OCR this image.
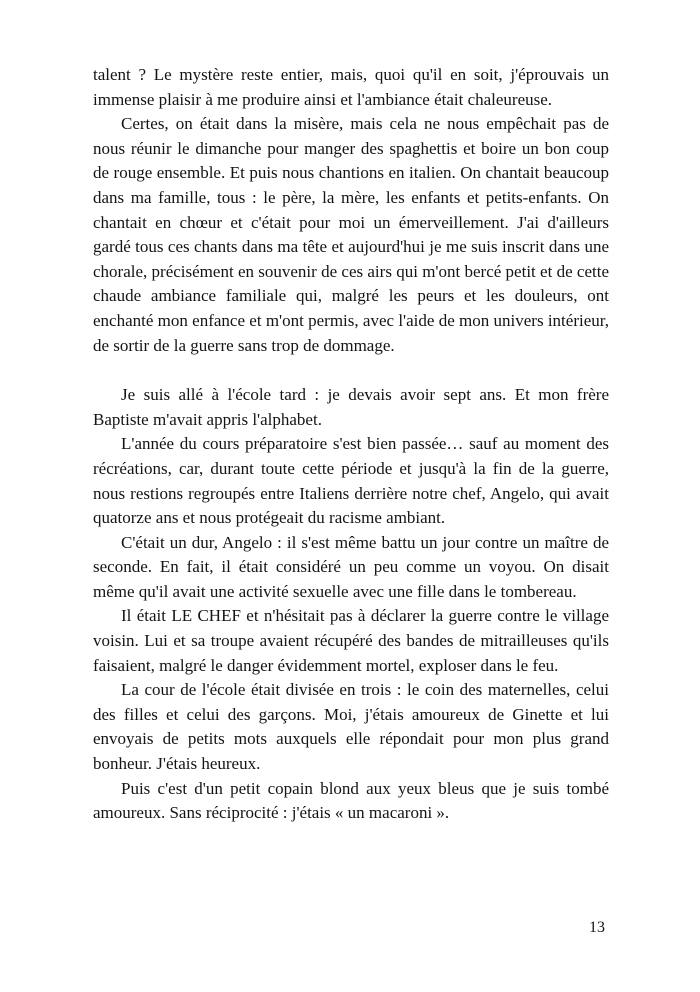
talent ? Le mystère reste entier, mais, quoi qu'il en soit, j'éprouvais un immense plaisir à me produire ainsi et l'ambiance était chaleureuse.

Certes, on était dans la misère, mais cela ne nous empêchait pas de nous réunir le dimanche pour manger des spaghettis et boire un bon coup de rouge ensemble. Et puis nous chantions en italien. On chantait beaucoup dans ma famille, tous : le père, la mère, les enfants et petits-enfants. On chantait en chœur et c'était pour moi un émerveillement. J'ai d'ailleurs gardé tous ces chants dans ma tête et aujourd'hui je me suis inscrit dans une chorale, précisément en souvenir de ces airs qui m'ont bercé petit et de cette chaude ambiance familiale qui, malgré les peurs et les douleurs, ont enchanté mon enfance et m'ont permis, avec l'aide de mon univers intérieur, de sortir de la guerre sans trop de dommage.

Je suis allé à l'école tard : je devais avoir sept ans. Et mon frère Baptiste m'avait appris l'alphabet.

L'année du cours préparatoire s'est bien passée… sauf au moment des récréations, car, durant toute cette période et jusqu'à la fin de la guerre, nous restions regroupés entre Italiens derrière notre chef, Angelo, qui avait quatorze ans et nous protégeait du racisme ambiant.

C'était un dur, Angelo : il s'est même battu un jour contre un maître de seconde. En fait, il était considéré un peu comme un voyou. On disait même qu'il avait une activité sexuelle avec une fille dans le tombereau.

Il était LE CHEF et n'hésitait pas à déclarer la guerre contre le village voisin. Lui et sa troupe avaient récupéré des bandes de mitrailleuses qu'ils faisaient, malgré le danger évidemment mortel, exploser dans le feu.

La cour de l'école était divisée en trois : le coin des maternelles, celui des filles et celui des garçons. Moi, j'étais amoureux de Ginette et lui envoyais de petits mots auxquels elle répondait pour mon plus grand bonheur. J'étais heureux.

Puis c'est d'un petit copain blond aux yeux bleus que je suis tombé amoureux. Sans réciprocité : j'étais « un macaroni ».

13
